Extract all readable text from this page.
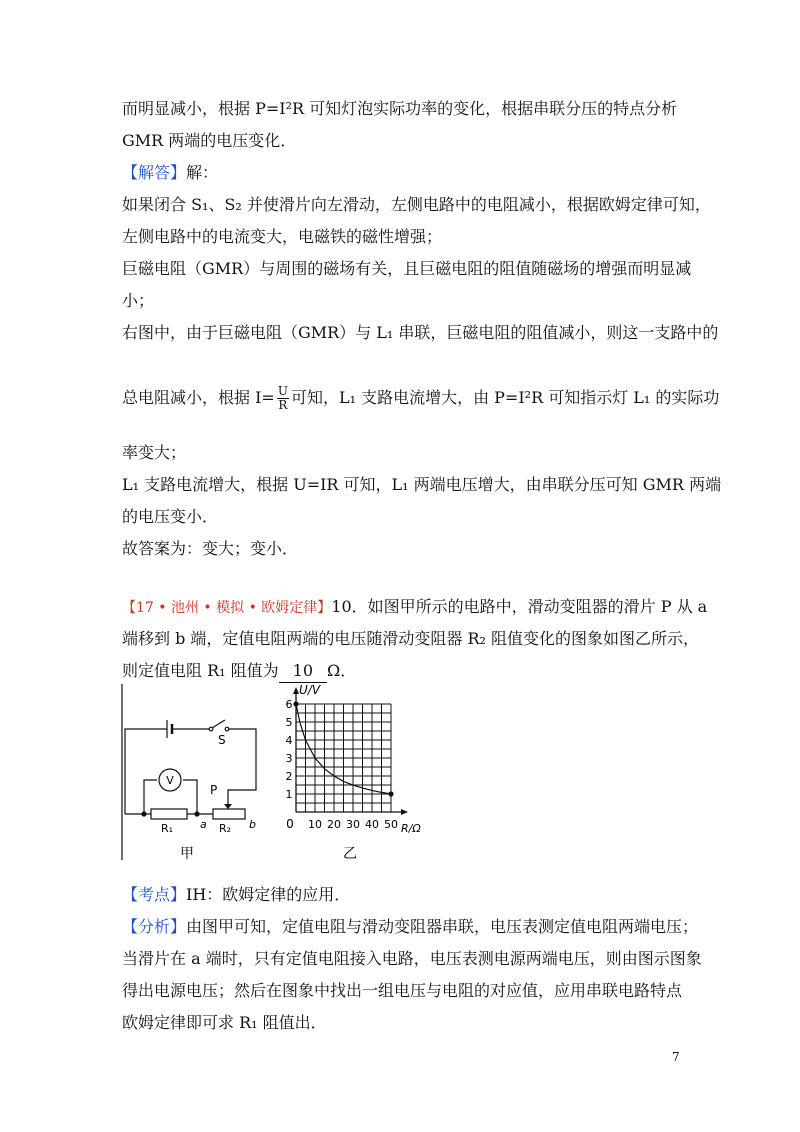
而明显减小，根据 P=I²R 可知灯泡实际功率的变化，根据串联分压的特点分析
GMR 两端的电压变化．
【解答】解：
如果闭合 S₁、S₂ 并使滑片向左滑动，左侧电路中的电阻减小，根据欧姆定律可知，
左侧电路中的电流变大，电磁铁的磁性增强；
巨磁电阻（GMR）与周围的磁场有关，且巨磁电阻的阻值随磁场的增强而明显减
小；
右图中，由于巨磁电阻（GMR）与 L₁ 串联，巨磁电阻的阻值减小，则这一支路中的
总电阻减小，根据 $I= \frac{U}{R}$ 可知，L₁ 支路电流增大，由 P=I²R 可知指示灯 L₁ 的实际功
率变大；
L₁ 支路电流增大，根据 U=IR 可知，L₁ 两端电压增大，由串联分压可知 GMR 两端
的电压变小．
故答案为：变大；变小．
【17 • 池州 • 模拟 • 欧姆定律】10．如图甲所示的电路中，滑动变阻器的滑片 P 从 a
端移到 b 端，定值电阻两端的电压随滑动变阻器 R₂ 阻值变化的图象如图乙所示，
则定值电阻 R₁ 阻值为 10 Ω．
S
V
P
R₁ a R₂ b
甲
1
2
3
4
5
6
10 20 30 40 50
U/V
R/Ω
0
乙
【考点】IH：欧姆定律的应用．
【分析】由图甲可知，定值电阻与滑动变阻器串联，电压表测定值电阻两端电压；
当滑片在 a 端时，只有定值电阻接入电路，电压表测电源两端电压，则由图示图象
得出电源电压；然后在图象中找出一组电压与电阻的对应值，应用串联电路特点
欧姆定律即可求 R₁ 阻值出．
7
